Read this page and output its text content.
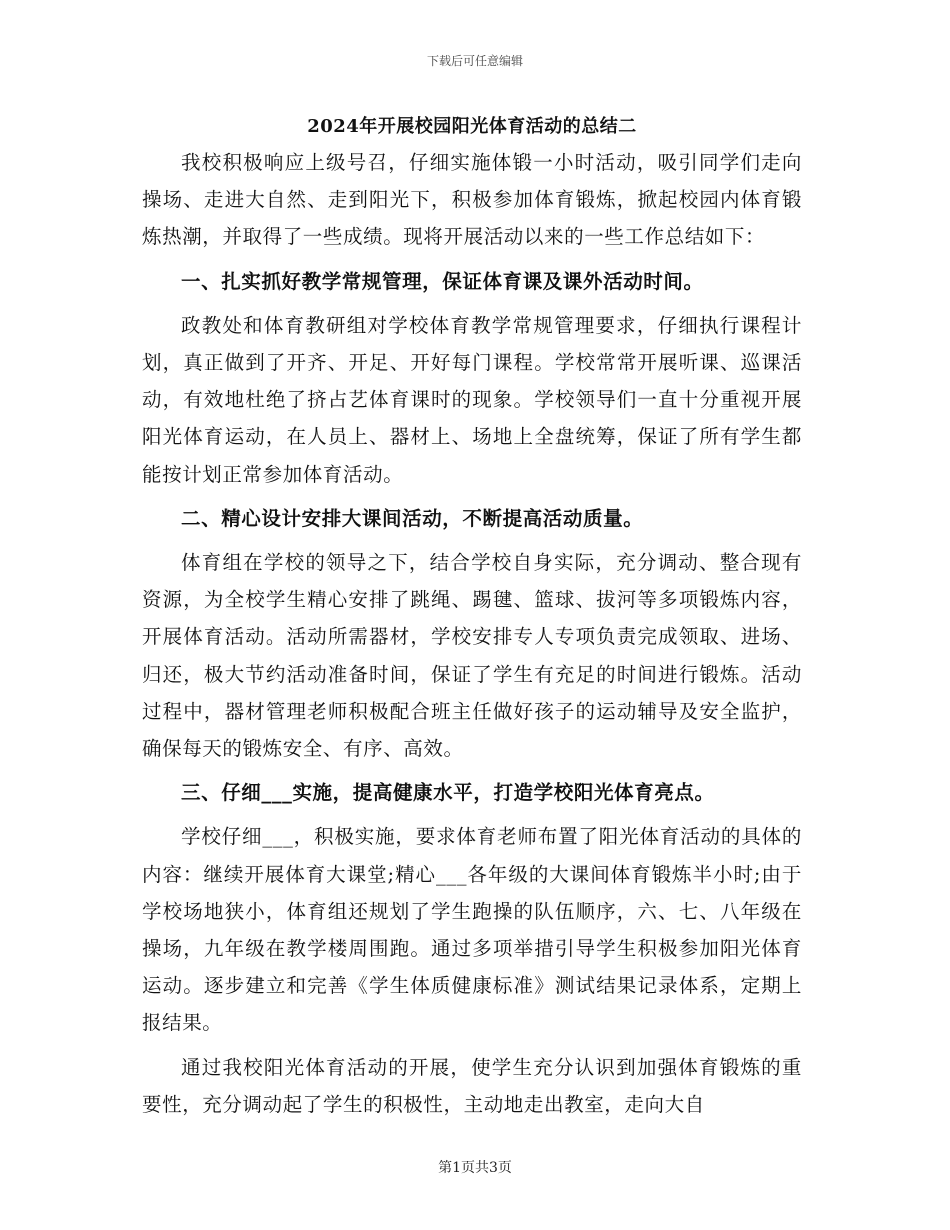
下载后可任意编辑
2024年开展校园阳光体育活动的总结二

我校积极响应上级号召，仔细实施体锻一小时活动，吸引同学们走向操场、走进大自然、走到阳光下，积极参加体育锻炼，掀起校园内体育锻炼热潮，并取得了一些成绩。现将开展活动以来的一些工作总结如下：

一、扎实抓好教学常规管理，保证体育课及课外活动时间。

政教处和体育教研组对学校体育教学常规管理要求，仔细执行课程计划，真正做到了开齐、开足、开好每门课程。学校常常开展听课、巡课活动，有效地杜绝了挤占艺体育课时的现象。学校领导们一直十分重视开展阳光体育运动，在人员上、器材上、场地上全盘统筹，保证了所有学生都能按计划正常参加体育活动。

二、精心设计安排大课间活动，不断提高活动质量。

体育组在学校的领导之下，结合学校自身实际，充分调动、整合现有资源，为全校学生精心安排了跳绳、踢毽、篮球、拔河等多项锻炼内容，开展体育活动。活动所需器材，学校安排专人专项负责完成领取、进场、归还，极大节约活动准备时间，保证了学生有充足的时间进行锻炼。活动过程中，器材管理老师积极配合班主任做好孩子的运动辅导及安全监护，确保每天的锻炼安全、有序、高效。

三、仔细___实施，提高健康水平，打造学校阳光体育亮点。

学校仔细___，积极实施，要求体育老师布置了阳光体育活动的具体的内容：继续开展体育大课堂;精心___各年级的大课间体育锻炼半小时;由于学校场地狭小，体育组还规划了学生跑操的队伍顺序，六、七、八年级在操场，九年级在教学楼周围跑。通过多项举措引导学生积极参加阳光体育运动。逐步建立和完善《学生体质健康标准》测试结果记录体系，定期上报结果。

通过我校阳光体育活动的开展，使学生充分认识到加强体育锻炼的重要性，充分调动起了学生的积极性，主动地走出教室，走向大自

第1页共3页
